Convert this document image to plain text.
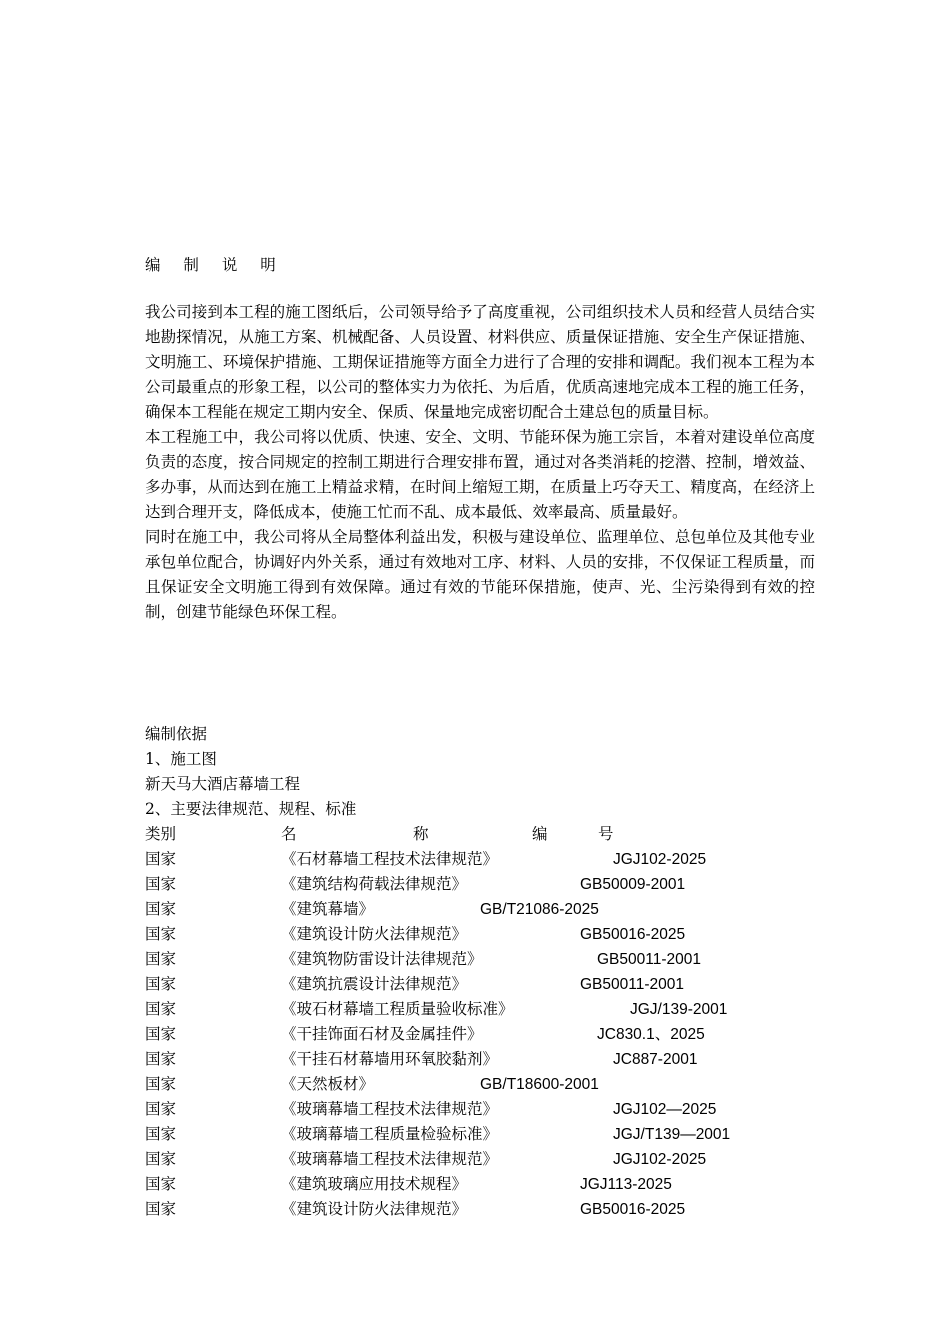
编 制 说 明

我公司接到本工程的施工图纸后，公司领导给予了高度重视，公司组织技术人员和经营人员结合实地勘探情况，从施工方案、机械配备、人员设置、材料供应、质量保证措施、安全生产保证措施、文明施工、环境保护措施、工期保证措施等方面全力进行了合理的安排和调配。我们视本工程为本公司最重点的形象工程，以公司的整体实力为依托、为后盾，优质高速地完成本工程的施工任务，确保本工程能在规定工期内安全、保质、保量地完成密切配合土建总包的质量目标。

本工程施工中，我公司将以优质、快速、安全、文明、节能环保为施工宗旨，本着对建设单位高度负责的态度，按合同规定的控制工期进行合理安排布置，通过对各类消耗的挖潜、控制，增效益、多办事，从而达到在施工上精益求精，在时间上缩短工期，在质量上巧夺天工、精度高，在经济上达到合理开支，降低成本，使施工忙而不乱、成本最低、效率最高、质量最好。

同时在施工中，我公司将从全局整体利益出发，积极与建设单位、监理单位、总包单位及其他专业承包单位配合，协调好内外关系，通过有效地对工序、材料、人员的安排，不仅保证工程质量，而且保证安全文明施工得到有效保障。通过有效的节能环保措施，使声、光、尘污染得到有效的控制，创建节能绿色环保工程。

编制依据
1、施工图
新天马大酒店幕墙工程
2、主要法律规范、规程、标准
类别	名	称	编	号
国家	《石材幕墙工程技术法律规范》	JGJ102-2025
国家	《建筑结构荷载法律规范》	GB50009-2001
国家	《建筑幕墙》	GB/T21086-2025
国家	《建筑设计防火法律规范》	GB50016-2025
国家	《建筑物防雷设计法律规范》	GB50011-2001
国家	《建筑抗震设计法律规范》	GB50011-2001
国家	《玻石材幕墙工程质量验收标准》	JGJ/139-2001
国家	《干挂饰面石材及金属挂件》	JC830.1、2025
国家	《干挂石材幕墙用环氧胶黏剂》	JC887-2001
国家	《天然板材》	GB/T18600-2001
国家	《玻璃幕墙工程技术法律规范》	JGJ102—2025
国家	《玻璃幕墙工程质量检验标准》	JGJ/T139—2001
国家	《玻璃幕墙工程技术法律规范》	JGJ102-2025
国家	《建筑玻璃应用技术规程》	JGJ113-2025
国家	《建筑设计防火法律规范》	GB50016-2025
